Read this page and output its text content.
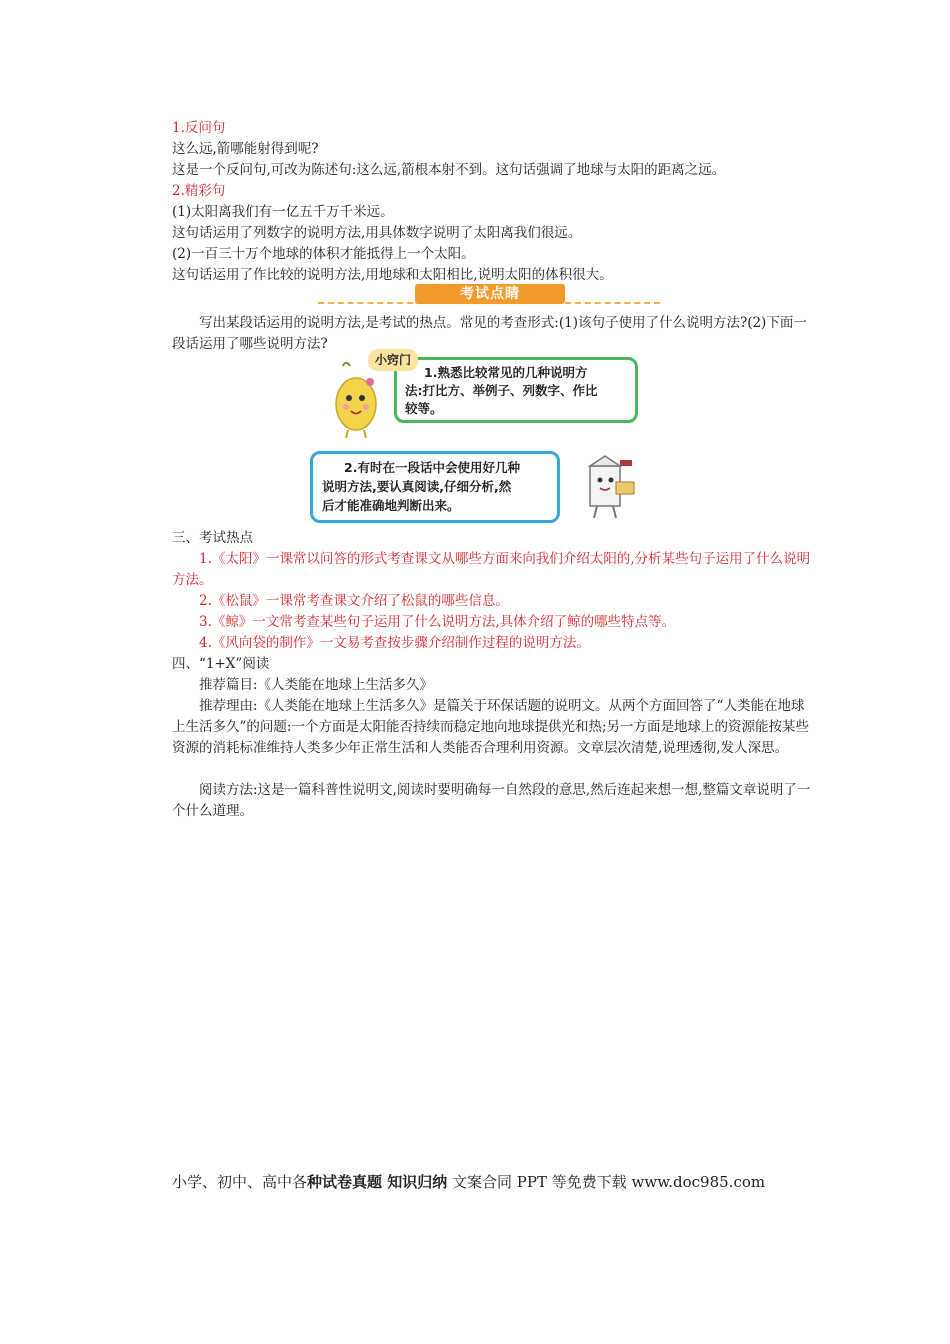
1.反问句
这么远,箭哪能射得到呢?
这是一个反问句,可改为陈述句:这么远,箭根本射不到。这句话强调了地球与太阳的距离之远。
2.精彩句
(1)太阳离我们有一亿五千万千米远。
这句话运用了列数字的说明方法,用具体数字说明了太阳离我们很远。
(2)一百三十万个地球的体积才能抵得上一个太阳。
这句话运用了作比较的说明方法,用地球和太阳相比,说明太阳的体积很大。
考试点睛
写出某段话运用的说明方法,是考试的热点。常见的考查形式:(1)该句子使用了什么说明方法?(2)下面一段话运用了哪些说明方法?
小窍门
1.熟悉比较常见的几种说明方
法:打比方、举例子、列数字、作比
较等。
2.有时在一段话中会使用好几种
说明方法,要认真阅读,仔细分析,然
后才能准确地判断出来。
三、考试热点
1.《太阳》一课常以问答的形式考查课文从哪些方面来向我们介绍太阳的,分析某些句子运用了什么说明方法。
2.《松鼠》一课常考查课文介绍了松鼠的哪些信息。
3.《鲸》一文常考查某些句子运用了什么说明方法,具体介绍了鲸的哪些特点等。
4.《风向袋的制作》一文易考查按步骤介绍制作过程的说明方法。
四、“1+X”阅读
推荐篇目:《人类能在地球上生活多久》
推荐理由:《人类能在地球上生活多久》是篇关于环保话题的说明文。从两个方面回答了“人类能在地球上生活多久”的问题:一个方面是太阳能否持续而稳定地向地球提供光和热;另一方面是地球上的资源能按某些资源的消耗标准维持人类多少年正常生活和人类能否合理利用资源。文章层次清楚,说理透彻,发人深思。
阅读方法:这是一篇科普性说明文,阅读时要明确每一自然段的意思,然后连起来想一想,整篇文章说明了一个什么道理。
小学、初中、高中各种试卷真题 知识归纳 文案合同 PPT 等免费下载 www.doc985.com
